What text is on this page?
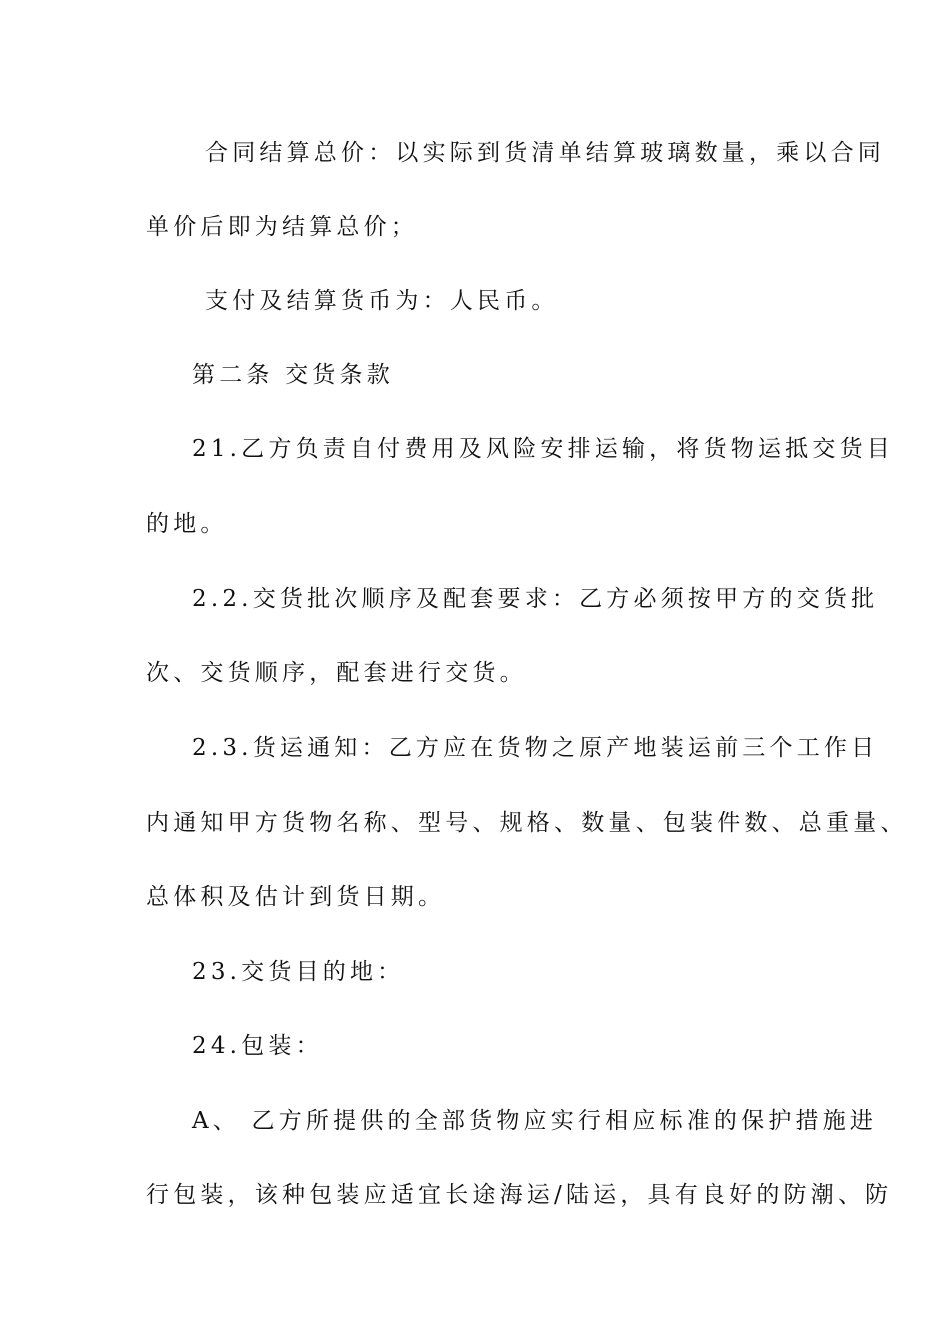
合同结算总价：以实际到货清单结算玻璃数量，乘以合同
单价后即为结算总价；
支付及结算货币为：人民币。
第二条 交货条款
21.乙方负责自付费用及风险安排运输，将货物运抵交货目
的地。
2.2.交货批次顺序及配套要求：乙方必须按甲方的交货批
次、交货顺序，配套进行交货。
2.3.货运通知：乙方应在货物之原产地装运前三个工作日
内通知甲方货物名称、型号、规格、数量、包装件数、总重量、
总体积及估计到货日期。
23.交货目的地：
24.包装：
A、 乙方所提供的全部货物应实行相应标准的保护措施进
行包装，该种包装应适宜长途海运/陆运，具有良好的防潮、防
